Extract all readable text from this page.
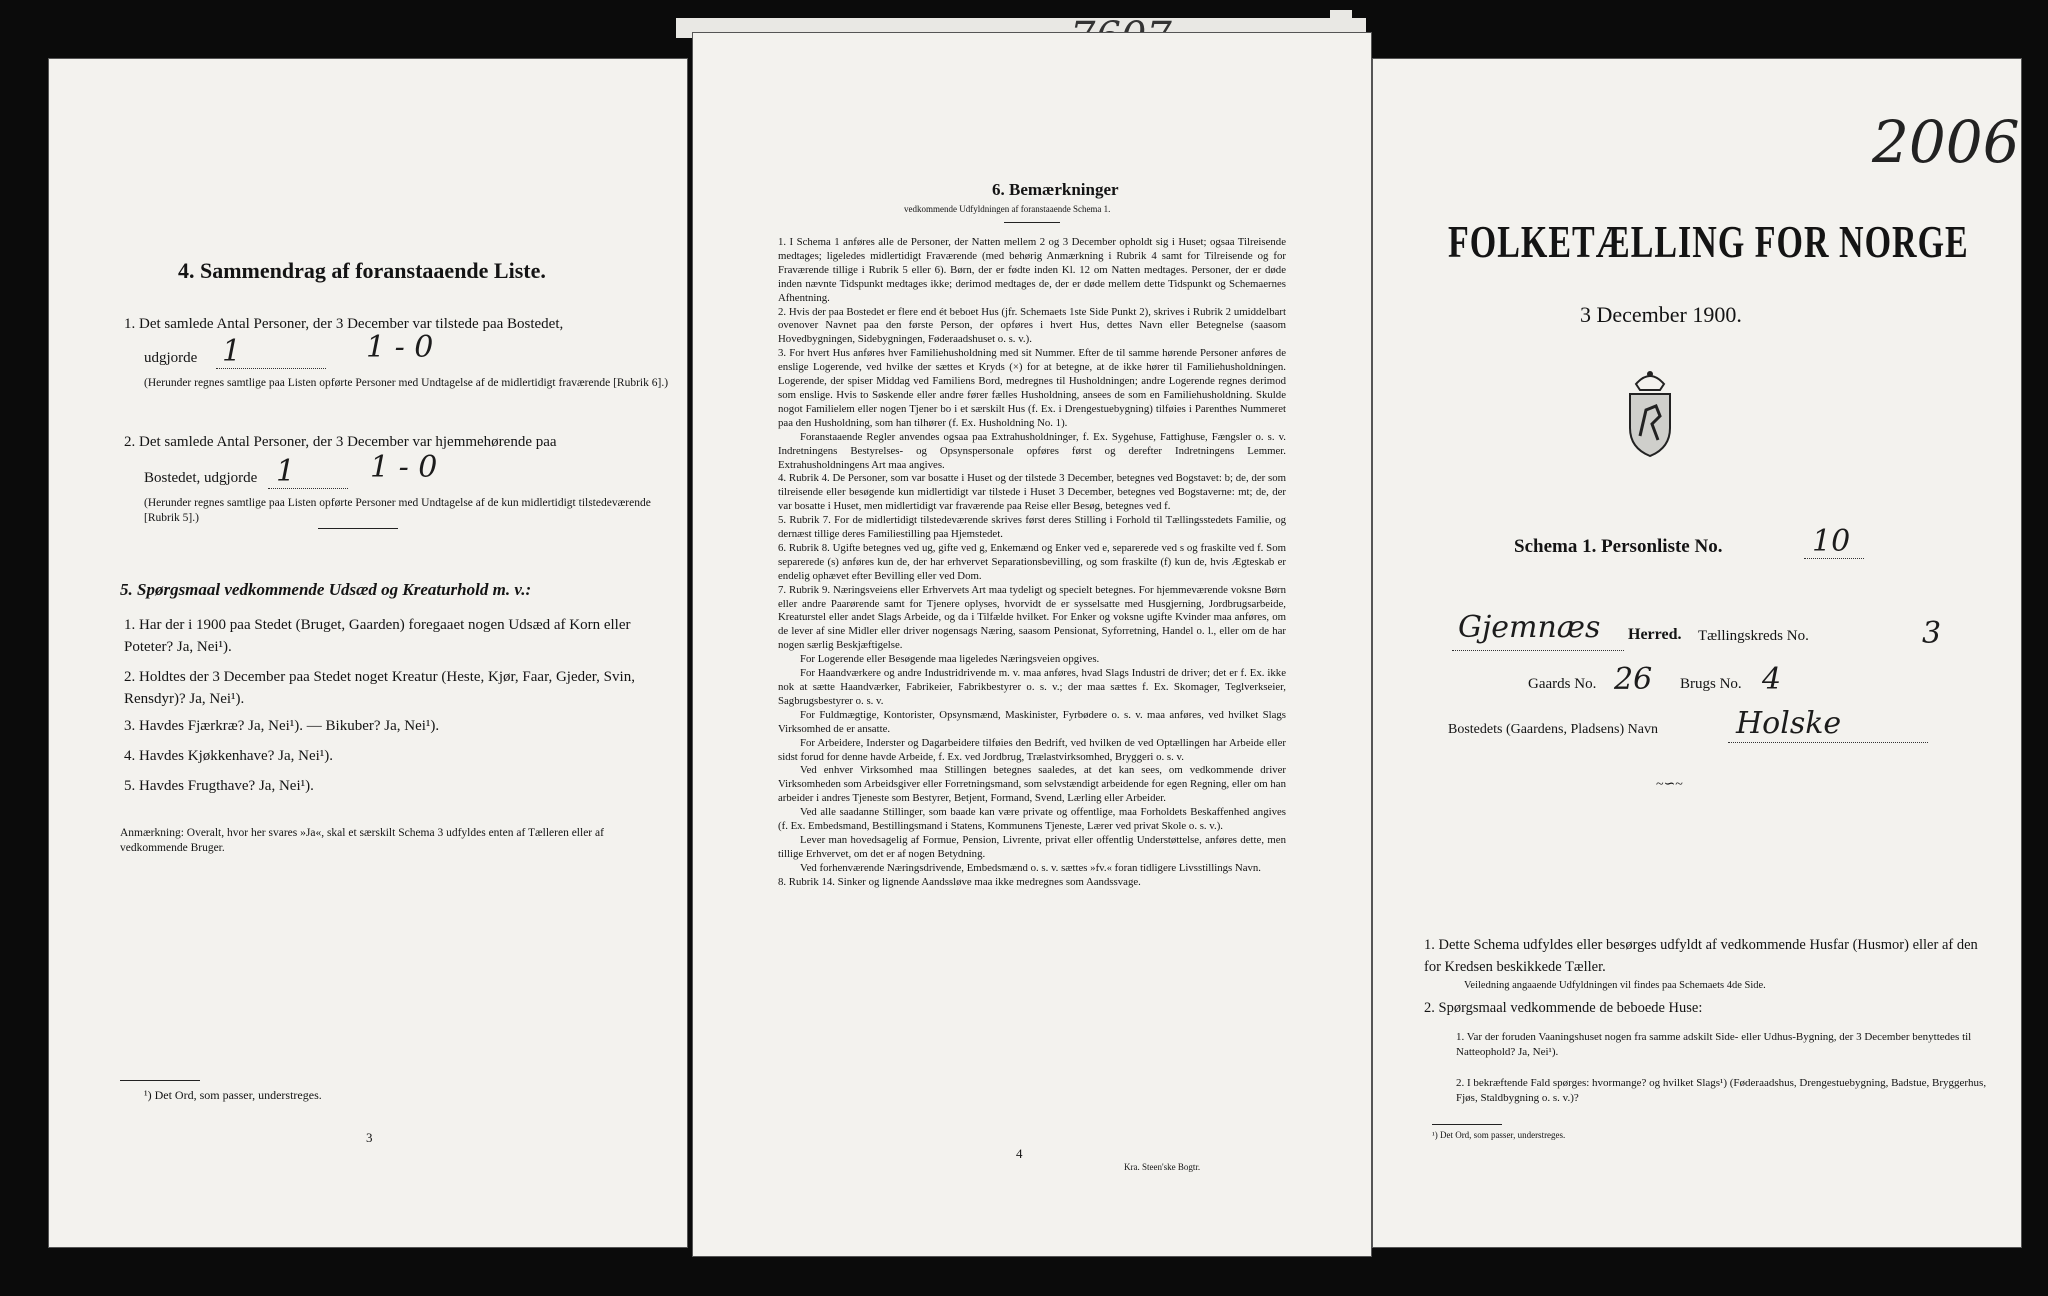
4. Sammendrag af foranstaaende Liste.
1. Det samlede Antal Personer, der 3 December var tilstede paa Bostedet,
udgjorde 1	1 - 0
(Herunder regnes samtlige paa Listen opførte Personer med Undtagelse af de midlertidigt fraværende [Rubrik 6].)
2. Det samlede Antal Personer, der 3 December var hjemmehørende paa
Bostedet, udgjorde 1 1 - 0
(Herunder regnes samtlige paa Listen opførte Personer med Undtagelse af de kun midlertidigt tilstedeværende [Rubrik 5].)
5. Spørgsmaal vedkommende Udsæd og Kreaturhold m. v.:
1. Har der i 1900 paa Stedet (Bruget, Gaarden) foregaaet nogen Udsæd af Korn eller Poteter? Ja, Nei¹).
2. Holdtes der 3 December paa Stedet noget Kreatur (Heste, Kjør, Faar, Gjeder, Svin, Rensdyr)? Ja, Nei¹).
3. Havdes Fjærkræ? Ja, Nei¹). — Bikuber? Ja, Nei¹).
4. Havdes Kjøkkenhave? Ja, Nei¹).
5. Havdes Frugthave? Ja, Nei¹).
Anmærkning: Overalt, hvor her svares »Ja«, skal et særskilt Schema 3 udfyldes enten af Tælleren eller af vedkommende Bruger.
¹) Det Ord, som passer, understreges.
3
6. Bemærkninger
vedkommende Udfyldningen af foranstaaende Schema 1.
1. I Schema 1 anføres alle de Personer, der Natten mellem 2 og 3 December opholdt sig i Huset; ogsaa Tilreisende medtages; ligeledes midlertidigt Fraværende (med behørig Anmærkning i Rubrik 4 samt for Tilreisende og for Fraværende tillige i Rubrik 5 eller 6). Børn, der er fødte inden Kl. 12 om Natten medtages. Personer, der er døde inden nævnte Tidspunkt medtages ikke; derimod medtages de, der er døde mellem dette Tidspunkt og Schemaernes Afhentning.
2. Hvis der paa Bostedet er flere end ét beboet Hus (jfr. Schemaets 1ste Side Punkt 2), skrives i Rubrik 2 umiddelbart ovenover Navnet paa den første Person, der opføres i hvert Hus, dettes Navn eller Betegnelse (saasom Hovedbygningen, Sidebygningen, Føderaadshuset o. s. v.).
3. For hvert Hus anføres hver Familiehusholdning med sit Nummer. Efter de til samme hørende Personer anføres de enslige Logerende, ved hvilke der sættes et Kryds (×) for at betegne, at de ikke hører til Familiehusholdningen. Logerende, der spiser Middag ved Familiens Bord, medregnes til Husholdningen; andre Logerende regnes derimod som enslige. Hvis to Søskende eller andre fører fælles Husholdning, ansees de som en Familiehusholdning. Skulde nogot Familielem eller nogen Tjener bo i et særskilt Hus (f. Ex. i Drengestuebygning) tilføies i Parenthes Nummeret paa den Husholdning, som han tilhører (f. Ex. Husholdning No. 1).
Foranstaaende Regler anvendes ogsaa paa Extrahusholdninger, f. Ex. Sygehuse, Fattighuse, Fængsler o. s. v. Indretningens Bestyrelses- og Opsynspersonale opføres først og derefter Indretningens Lemmer. Extrahusholdningens Art maa angives.
4. Rubrik 4. De Personer, som var bosatte i Huset og der tilstede 3 December, betegnes ved Bogstavet: b; de, der som tilreisende eller besøgende kun midlertidigt var tilstede i Huset 3 December, betegnes ved Bogstaverne: mt; de, der var bosatte i Huset, men midlertidigt var fraværende paa Reise eller Besøg, betegnes ved f.
5. Rubrik 7. For de midlertidigt tilstedeværende skrives først deres Stilling i Forhold til Tællingsstedets Familie, og dernæst tillige deres Familiestilling paa Hjemstedet.
6. Rubrik 8. Ugifte betegnes ved ug, gifte ved g, Enkemænd og Enker ved e, separerede ved s og fraskilte ved f. Som separerede (s) anføres kun de, der har erhvervet Separationsbevilling, og som fraskilte (f) kun de, hvis Ægteskab er endelig ophævet efter Bevilling eller ved Dom.
7. Rubrik 9. Næringsveiens eller Erhvervets Art maa tydeligt og specielt betegnes. For hjemmeværende voksne Børn eller andre Paarørende samt for Tjenere oplyses, hvorvidt de er sysselsatte med Husgjerning, Jordbrugsarbeide, Kreaturstel eller andet Slags Arbeide, og da i Tilfælde hvilket. For Enker og voksne ugifte Kvinder maa anføres, om de lever af sine Midler eller driver nogensags Næring, saasom Pensionat, Syforretning, Handel o. l., eller om de har nogen særlig Beskjæftigelse.
For Logerende eller Besøgende maa ligeledes Næringsveien opgives.
For Haandværkere og andre Industridrivende m. v. maa anføres, hvad Slags Industri de driver; det er f. Ex. ikke nok at sætte Haandværker, Fabrikeier, Fabrikbestyrer o. s. v.; der maa sættes f. Ex. Skomager, Teglverkseier, Sagbrugsbestyrer o. s. v.
For Fuldmægtige, Kontorister, Opsynsmænd, Maskinister, Fyrbødere o. s. v. maa anføres, ved hvilket Slags Virksomhed de er ansatte.
For Arbeidere, Inderster og Dagarbeidere tilføies den Bedrift, ved hvilken de ved Optællingen har Arbeide eller sidst forud for denne havde Arbeide, f. Ex. ved Jordbrug, Trælastvirksomhed, Bryggeri o. s. v.
Ved enhver Virksomhed maa Stillingen betegnes saaledes, at det kan sees, om vedkommende driver Virksomheden som Arbeidsgiver eller Forretningsmand, som selvstændigt arbeidende for egen Regning, eller om han arbeider i andres Tjeneste som Bestyrer, Betjent, Formand, Svend, Lærling eller Arbeider.
Ved alle saadanne Stillinger, som baade kan være private og offentlige, maa Forholdets Beskaffenhed angives (f. Ex. Embedsmand, Bestillingsmand i Statens, Kommunens Tjeneste, Lærer ved privat Skole o. s. v.).
Lever man hovedsagelig af Formue, Pension, Livrente, privat eller offentlig Understøttelse, anføres dette, men tillige Erhvervet, om det er af nogen Betydning.
Ved forhenværende Næringsdrivende, Embedsmænd o. s. v. sættes »fv.« foran tidligere Livsstillings Navn.
8. Rubrik 14. Sinker og lignende Aandssløve maa ikke medregnes som Aandssvage.
4
Kra. Steen'ske Bogtr.
2006
FOLKETÆLLING FOR NORGE
3 December 1900.
Schema 1. Personliste No.	10
Gjemnæs Herred. Tællingskreds No.	3
Gaards No. 26 Brugs No. 4
Bostedets (Gaardens, Pladsens) Navn	Holske
~∽~
1. Dette Schema udfyldes eller besørges udfyldt af vedkommende Husfar (Husmor) eller af den for Kredsen beskikkede Tæller.
Veiledning angaaende Udfyldningen vil findes paa Schemaets 4de Side.
2. Spørgsmaal vedkommende de beboede Huse:
1. Var der foruden Vaaningshuset nogen fra samme adskilt Side- eller Udhus-Bygning, der 3 December benyttedes til Natteophold? Ja, Nei¹).
2. I bekræftende Fald spørges: hvormange? og hvilket Slags¹) (Føderaadshus, Drengestuebygning, Badstue, Bryggerhus, Fjøs, Staldbygning o. s. v.)?
¹) Det Ord, som passer, understreges.
